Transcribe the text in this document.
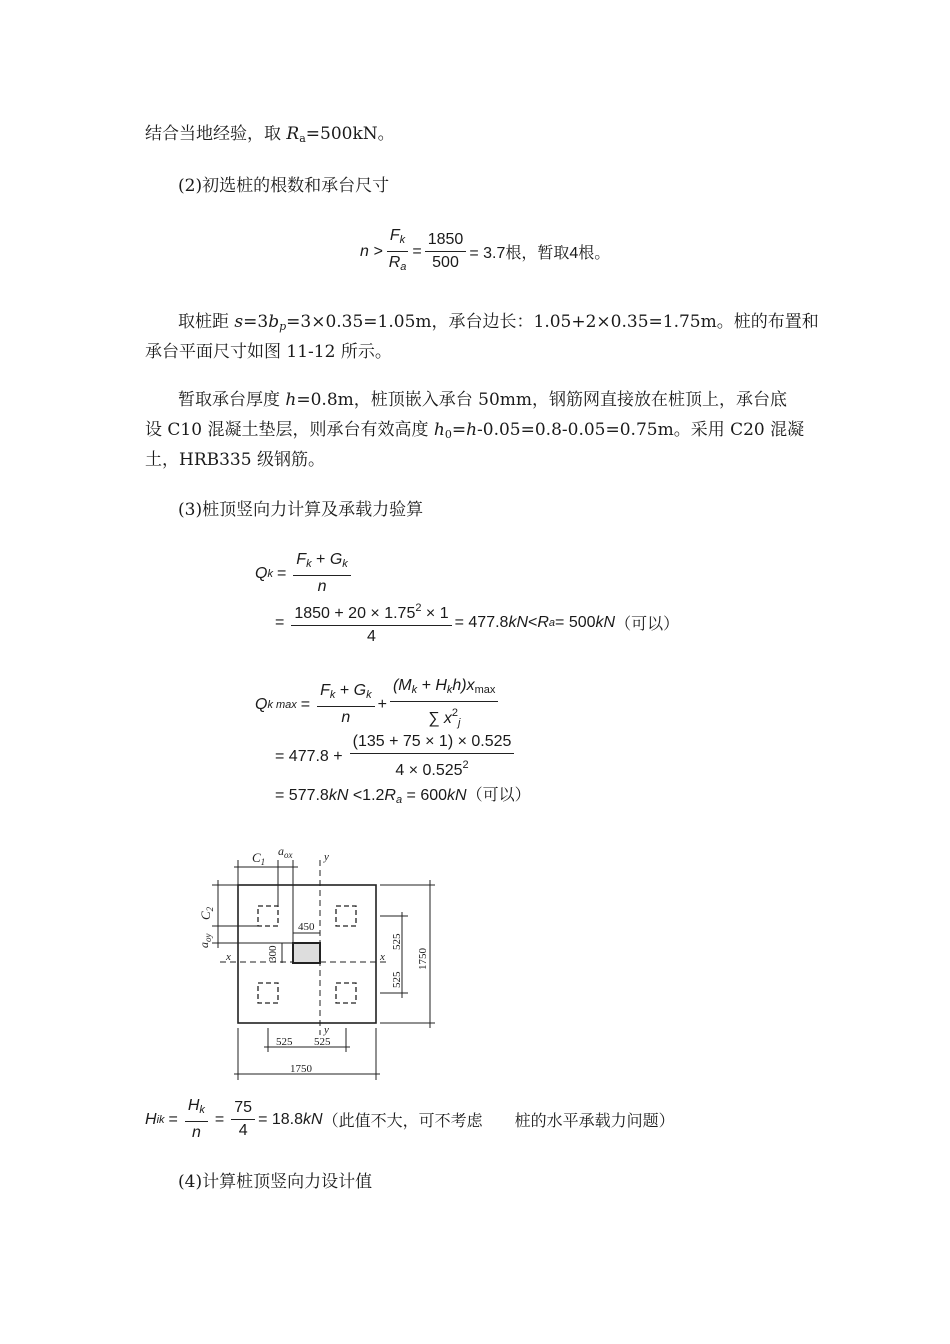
结合当地经验，取 $R_a=500kN$。
(2)初选桩的根数和承台尺寸
$n > \frac{F_k}{R_a} = \frac{1850}{500} = 3.7$根，暂取4根。
取桩距 $s=3b_p=3\times 0.35=1.05m$，承台边长：1.05+2×0.35=1.75m。桩的布置和
承台平面尺寸如图 11-12 所示。
暂取承台厚度 h=0.8m，桩顶嵌入承台 50mm，钢筋网直接放在桩顶上，承台底
设 C10 混凝土垫层，则承台有效高度 $h_0=h-0.05=0.8-0.05=0.75m$。采用 C20 混凝
土，HRB335 级钢筋。
(3)桩顶竖向力计算及承载力验算
Q $k = \frac{F_k + G_k}{n}$
= $\frac{1850 + 20 \times 1.75^2 \times 1}{4} = 477.8$ kN < R a = 500 kN （可以）
Q k $\max = \frac{F_k + G_k}{n} + \frac{(M_k + H_kh)x_{max}}{\sum x^2_j}$
= $477.8 + \frac{(135 + 75 \times 1) \times 0.525}{4 \times 0.525^2}$
= $577.8kN <1.2R_a = 600kN$（可以）
$C_1$
$a_{ox}$	y
y
x	x
450
300
$C_2$
$a_{oy}$	525
525
1750
525 525
1750
H ik = $\frac{H_k}{n} = \frac{75}{4} = 18.8$ kN （此值不大，可不考虑　　桩的水平承载力问题）
(4)计算桩顶竖向力设计值
